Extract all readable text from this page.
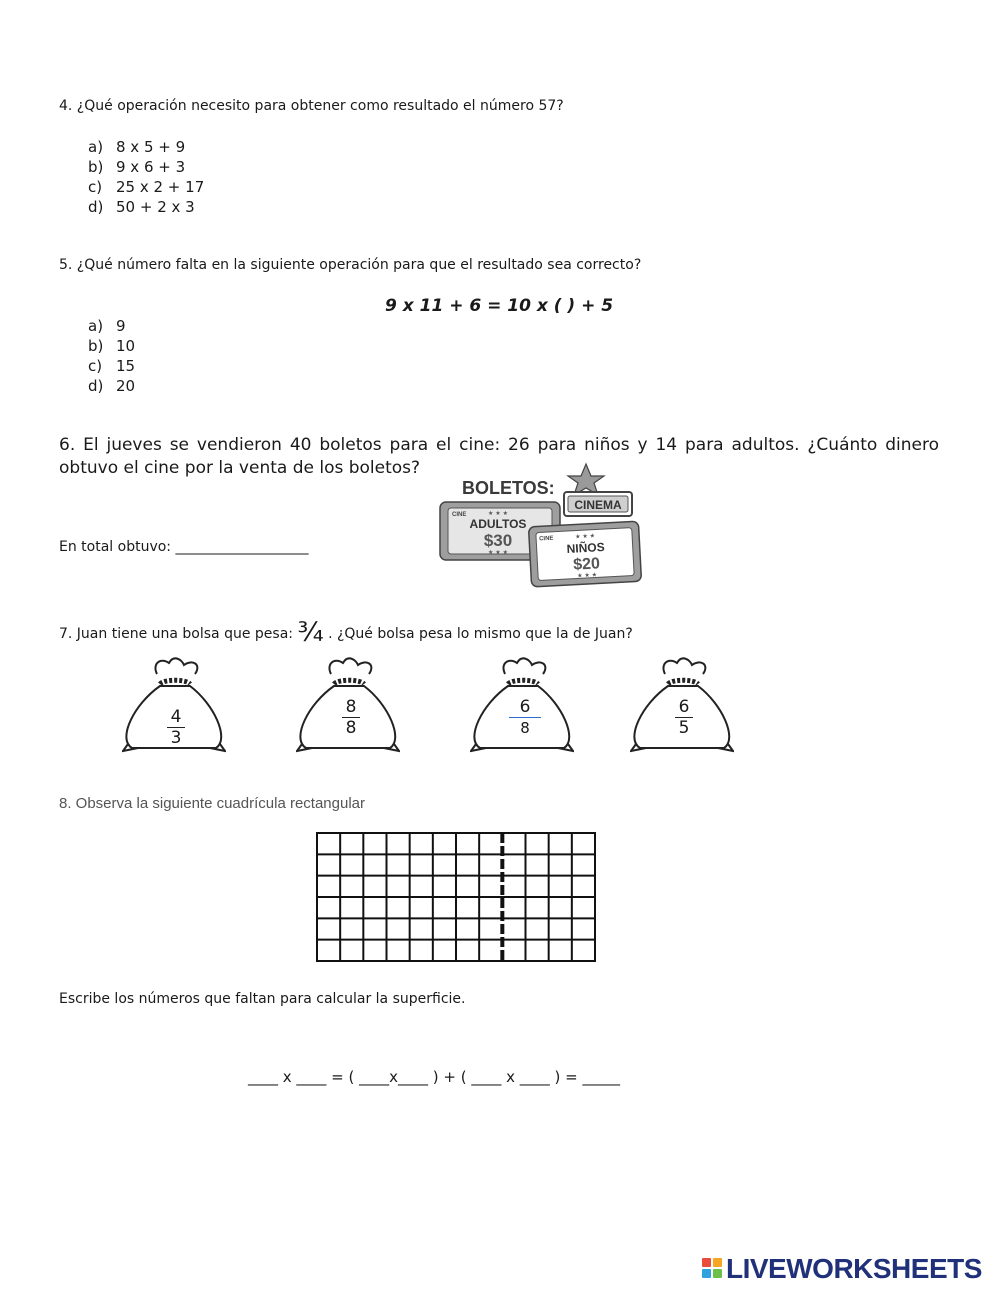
4. ¿Qué operación necesito para obtener como resultado el número 57?
a) 8 x 5 + 9
b) 9 x 6 + 3
c) 25 x 2 + 17
d) 50 + 2 x 3
5. ¿Qué número falta en la siguiente operación para que el resultado sea correcto?
9 x 11 + 6 = 10 x ( ) + 5
a) 9
b) 10
c) 15
d) 20
6. El jueves se vendieron 40 boletos para el cine: 26 para niños y 14 para adultos. ¿Cuánto dinero obtuvo el cine por la venta de los boletos?
En total obtuvo: ___________________
BOLETOS:
CINEMA
CINE	★ ★ ★
ADULTOS
$30
★ ★ ★
CINE	★ ★ ★
NIÑOS
$20
★ ★ ★
7. Juan tiene una bolsa que pesa: ¾ . ¿Qué bolsa pesa lo mismo que la de Juan?
4
3
8
8
6
8
6
5
8. Observa la siguiente cuadrícula rectangular
Escribe los números que faltan para calcular la superficie.
____ x ____ = ( ____x____ ) + ( ____ x ____ ) = _____
LIVEWORKSHEETS
